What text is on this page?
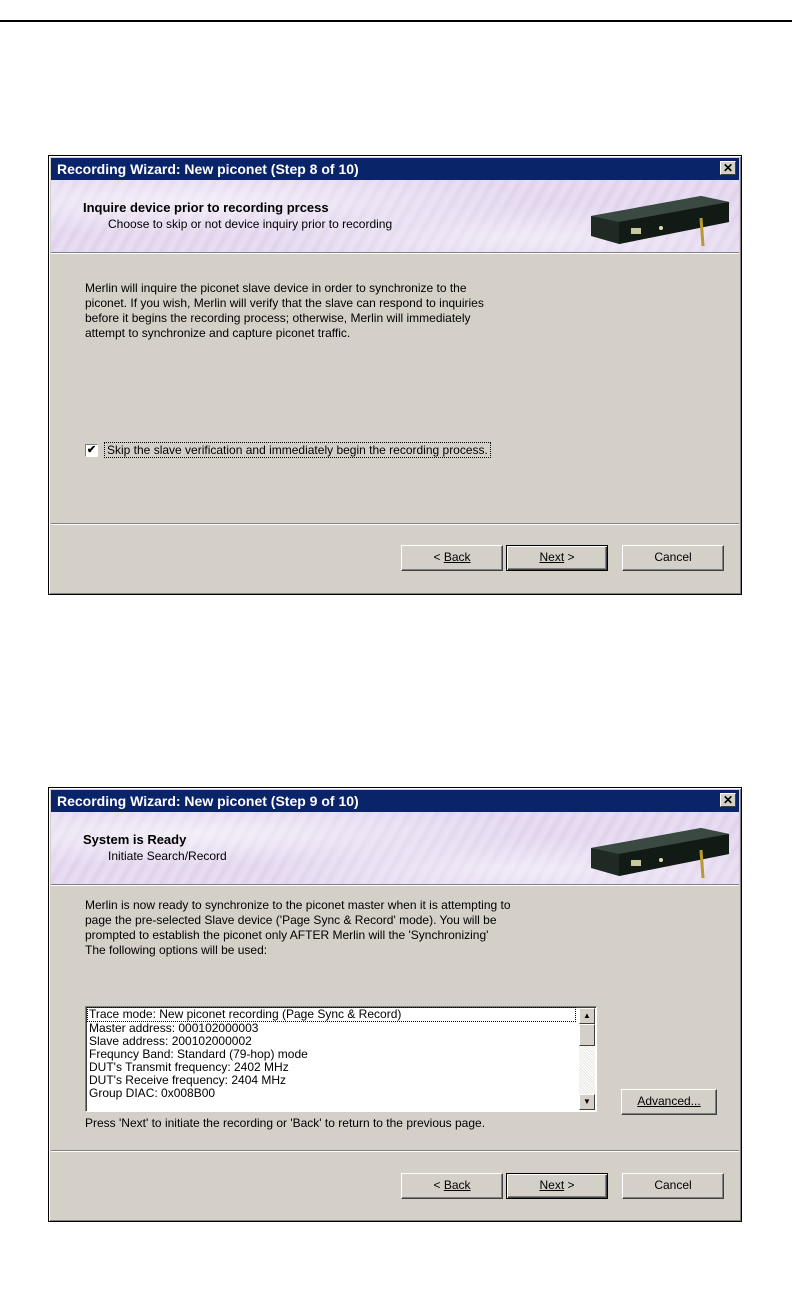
Recording Wizard: New piconet (Step 8 of 10)	✕
Inquire device prior to recording prcess
Choose to skip or not device inquiry prior to recording
Merlin will inquire the piconet slave device in order to synchronize to the
piconet. If you wish, Merlin will verify that the slave can respond to inquiries
before it begins the recording process; otherwise, Merlin will immediately
attempt to synchronize and capture piconet traffic.
✔ Skip the slave verification and immediately begin the recording process.
< Back	Next >	Cancel
Recording Wizard: New piconet (Step 9 of 10)	✕
System is Ready
Initiate Search/Record
Merlin is now ready to synchronize to the piconet master when it is attempting to
page the pre-selected Slave device ('Page Sync & Record' mode). You will be
prompted to establish the piconet only AFTER Merlin will the 'Synchronizing'
The following options will be used:
Trace mode: New piconet recording (Page Sync & Record)
Master address: 000102000003
Slave address: 200102000002
Frequncy Band: Standard (79-hop) mode
DUT's Transmit frequency: 2402 MHz
DUT's Receive frequency: 2404 MHz
Group DIAC: 0x008B00
▲
▼	Advanced...
Press 'Next' to initiate the recording or 'Back' to return to the previous page.
< Back	Next >	Cancel
